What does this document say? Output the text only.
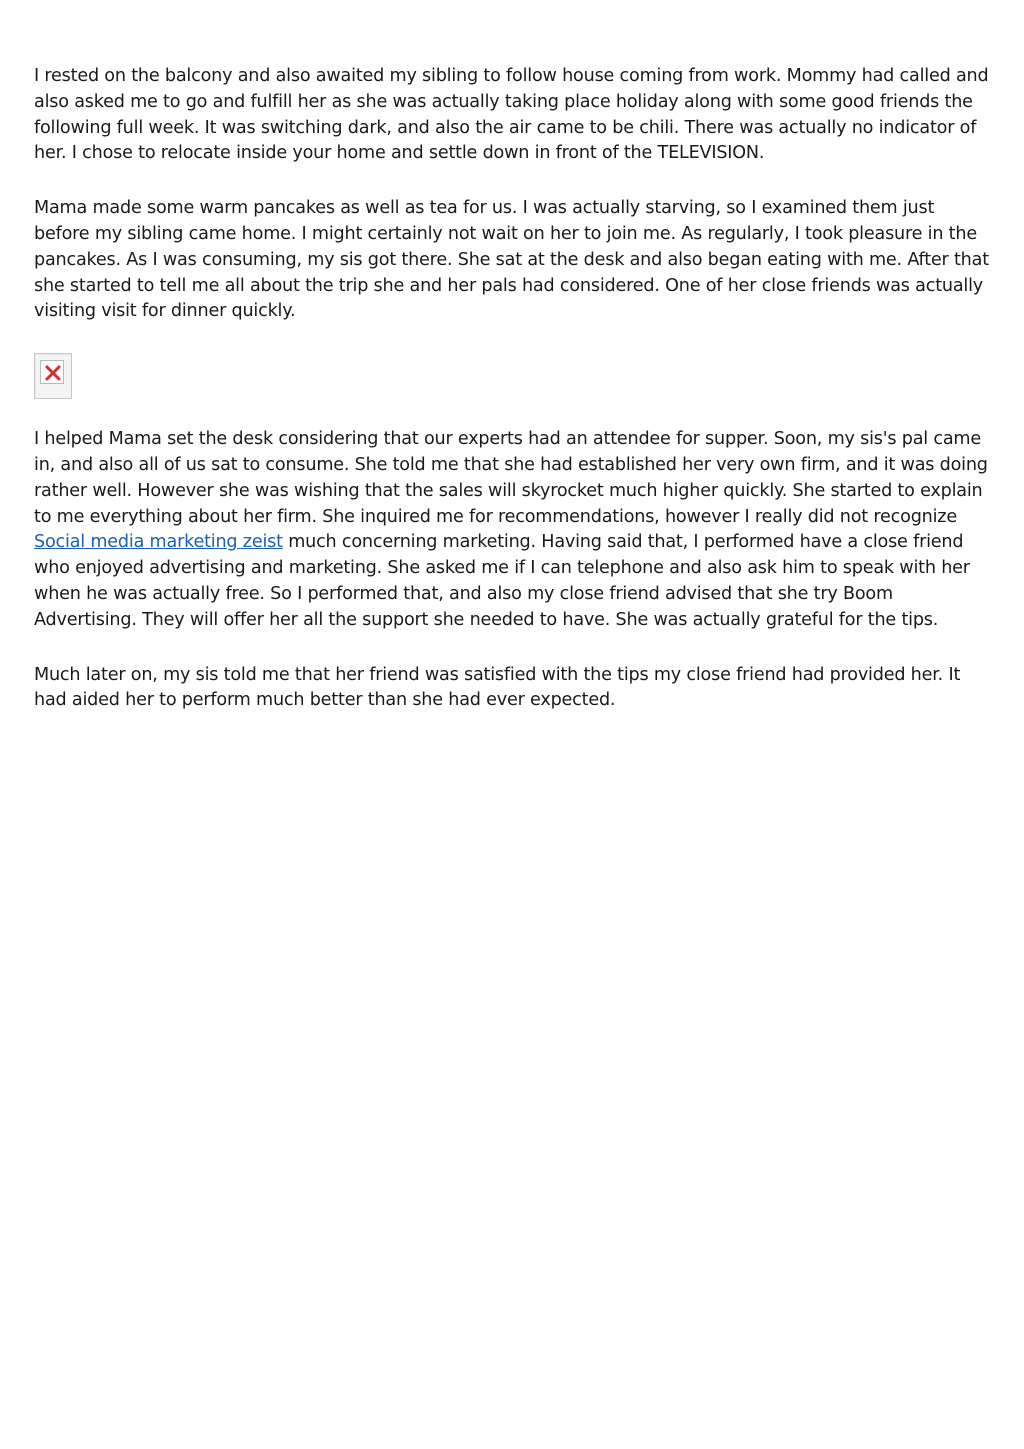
I rested on the balcony and also awaited my sibling to follow house coming from work. Mommy had called and also asked me to go and fulfill her as she was actually taking place holiday along with some good friends the following full week. It was switching dark, and also the air came to be chili. There was actually no indicator of her. I chose to relocate inside your home and settle down in front of the TELEVISION.

Mama made some warm pancakes as well as tea for us. I was actually starving, so I examined them just before my sibling came home. I might certainly not wait on her to join me. As regularly, I took pleasure in the pancakes. As I was consuming, my sis got there. She sat at the desk and also began eating with me. After that she started to tell me all about the trip she and her pals had considered. One of her close friends was actually visiting visit for dinner quickly.

I helped Mama set the desk considering that our experts had an attendee for supper. Soon, my sis's pal came in, and also all of us sat to consume. She told me that she had established her very own firm, and it was doing rather well. However she was wishing that the sales will skyrocket much higher quickly. She started to explain to me everything about her firm. She inquired me for recommendations, however I really did not recognize Social media marketing zeist much concerning marketing. Having said that, I performed have a close friend who enjoyed advertising and marketing. She asked me if I can telephone and also ask him to speak with her when he was actually free. So I performed that, and also my close friend advised that she try Boom Advertising. They will offer her all the support she needed to have. She was actually grateful for the tips.

Much later on, my sis told me that her friend was satisfied with the tips my close friend had provided her. It had aided her to perform much better than she had ever expected.
